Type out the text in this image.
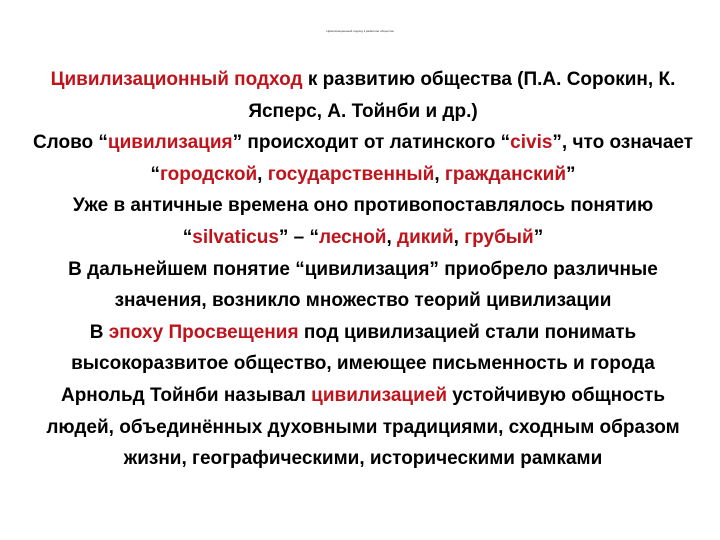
Цивилизационный подход к развитию общества

Цивилизационный подход к развитию общества (П.А. Сорокин, К. Ясперс, А. Тойнби и др.)

Слово “цивилизация” происходит от латинского “civis”, что означает “городской, государственный, гражданский”

Уже в античные времена оно противопоставлялось понятию “silvaticus” – “лесной, дикий, грубый”

В дальнейшем понятие “цивилизация” приобрело различные значения, возникло множество теорий цивилизации

В эпоху Просвещения под цивилизацией стали понимать высокоразвитое общество, имеющее письменность и города

Арнольд Тойнби называл цивилизацией устойчивую общность людей, объединённых духовными традициями, сходным образом жизни, географическими, историческими рамками
